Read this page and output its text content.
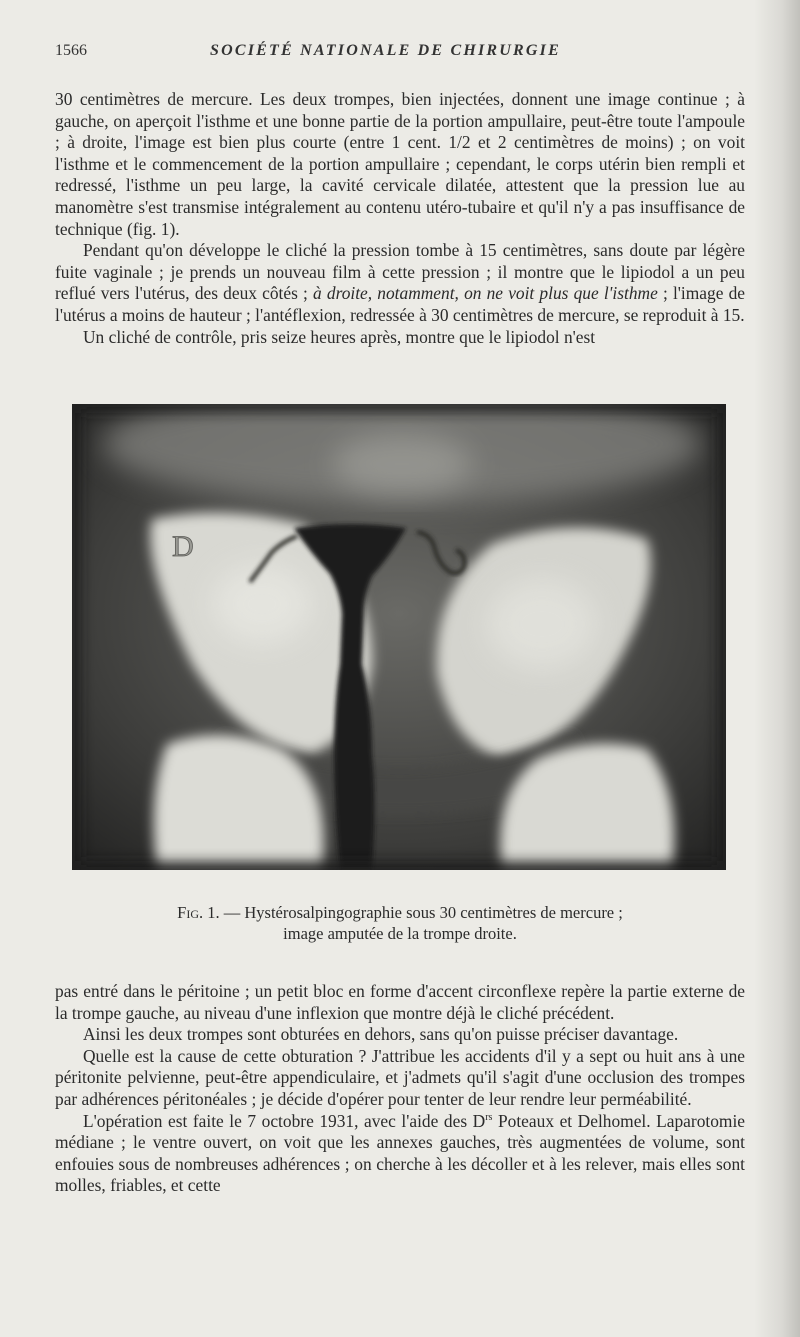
1566	SOCIÉTÉ NATIONALE DE CHIRURGIE

30 centimètres de mercure. Les deux trompes, bien injectées, donnent une image continue ; à gauche, on aperçoit l'isthme et une bonne partie de la portion ampullaire, peut-être toute l'ampoule ; à droite, l'image est bien plus courte (entre 1 cent. 1/2 et 2 centimètres de moins) ; on voit l'isthme et le commencement de la portion ampullaire ; cependant, le corps utérin bien rempli et redressé, l'isthme un peu large, la cavité cervicale dilatée, attestent que la pression lue au manomètre s'est transmise intégralement au contenu utéro-tubaire et qu'il n'y a pas insuffisance de technique (fig. 1).

Pendant qu'on développe le cliché la pression tombe à 15 centimètres, sans doute par légère fuite vaginale ; je prends un nouveau film à cette pression ; il montre que le lipiodol a un peu reflué vers l'utérus, des deux côtés ; à droite, notamment, on ne voit plus que l'isthme ; l'image de l'utérus a moins de hauteur ; l'antéflexion, redressée à 30 centimètres de mercure, se reproduit à 15.

Un cliché de contrôle, pris seize heures après, montre que le lipiodol n'est

D
Fig. 1. — Hystérosalpingographie sous 30 centimètres de mercure ;
image amputée de la trompe droite.

pas entré dans le péritoine ; un petit bloc en forme d'accent circonflexe repère la partie externe de la trompe gauche, au niveau d'une inflexion que montre déjà le cliché précédent.

Ainsi les deux trompes sont obturées en dehors, sans qu'on puisse préciser davantage.

Quelle est la cause de cette obturation ? J'attribue les accidents d'il y a sept ou huit ans à une péritonite pelvienne, peut-être appendiculaire, et j'admets qu'il s'agit d'une occlusion des trompes par adhérences péritonéales ; je décide d'opérer pour tenter de leur rendre leur perméabilité.

L'opération est faite le 7 octobre 1931, avec l'aide des $D^{rs}$ Poteaux et Delhomel. Laparotomie médiane ; le ventre ouvert, on voit que les annexes gauches, très augmentées de volume, sont enfouies sous de nombreuses adhérences ; on cherche à les décoller et à les relever, mais elles sont molles, friables, et cette
